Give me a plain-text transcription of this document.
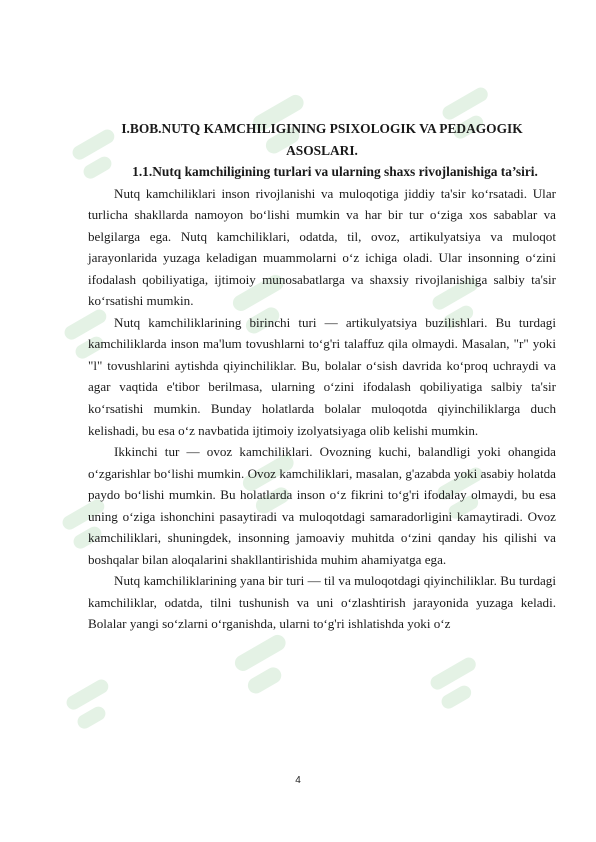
I.BOB.NUTQ KAMCHILIGINING PSIXOLOGIK VA PEDAGOGIK ASOSLARI.

1.1.Nutq kamchiligining turlari va ularning shaxs rivojlanishiga ta’siri.

Nutq kamchiliklari inson rivojlanishi va muloqotiga jiddiy ta'sir ko‘rsatadi. Ular turlicha shakllarda namoyon bo‘lishi mumkin va har bir tur o‘ziga xos sabablar va belgilarga ega. Nutq kamchiliklari, odatda, til, ovoz, artikulyatsiya va muloqot jarayonlarida yuzaga keladigan muammolarni o‘z ichiga oladi. Ular insonning o‘zini ifodalash qobiliyatiga, ijtimoiy munosabatlarga va shaxsiy rivojlanishiga salbiy ta'sir ko‘rsatishi mumkin.

Nutq kamchiliklarining birinchi turi — artikulyatsiya buzilishlari. Bu turdagi kamchiliklarda inson ma'lum tovushlarni to‘g'ri talaffuz qila olmaydi. Masalan, "r" yoki "l" tovushlarini aytishda qiyinchiliklar. Bu, bolalar o‘sish davrida ko‘proq uchraydi va agar vaqtida e'tibor berilmasa, ularning o‘zini ifodalash qobiliyatiga salbiy ta'sir ko‘rsatishi mumkin. Bunday holatlarda bolalar muloqotda qiyinchiliklarga duch kelishadi, bu esa o‘z navbatida ijtimoiy izolyatsiyaga olib kelishi mumkin.

Ikkinchi tur — ovoz kamchiliklari. Ovozning kuchi, balandligi yoki ohangida o‘zgarishlar bo‘lishi mumkin. Ovoz kamchiliklari, masalan, g'azabda yoki asabiy holatda paydo bo‘lishi mumkin. Bu holatlarda inson o‘z fikrini to‘g'ri ifodalay olmaydi, bu esa uning o‘ziga ishonchini pasaytiradi va muloqotdagi samaradorligini kamaytiradi. Ovoz kamchiliklari, shuningdek, insonning jamoaviy muhitda o‘zini qanday his qilishi va boshqalar bilan aloqalarini shakllantirishida muhim ahamiyatga ega.

Nutq kamchiliklarining yana bir turi — til va muloqotdagi qiyinchiliklar. Bu turdagi kamchiliklar, odatda, tilni tushunish va uni o‘zlashtirish jarayonida yuzaga keladi. Bolalar yangi so‘zlarni o‘rganishda, ularni to‘g'ri ishlatishda yoki o‘z

4
